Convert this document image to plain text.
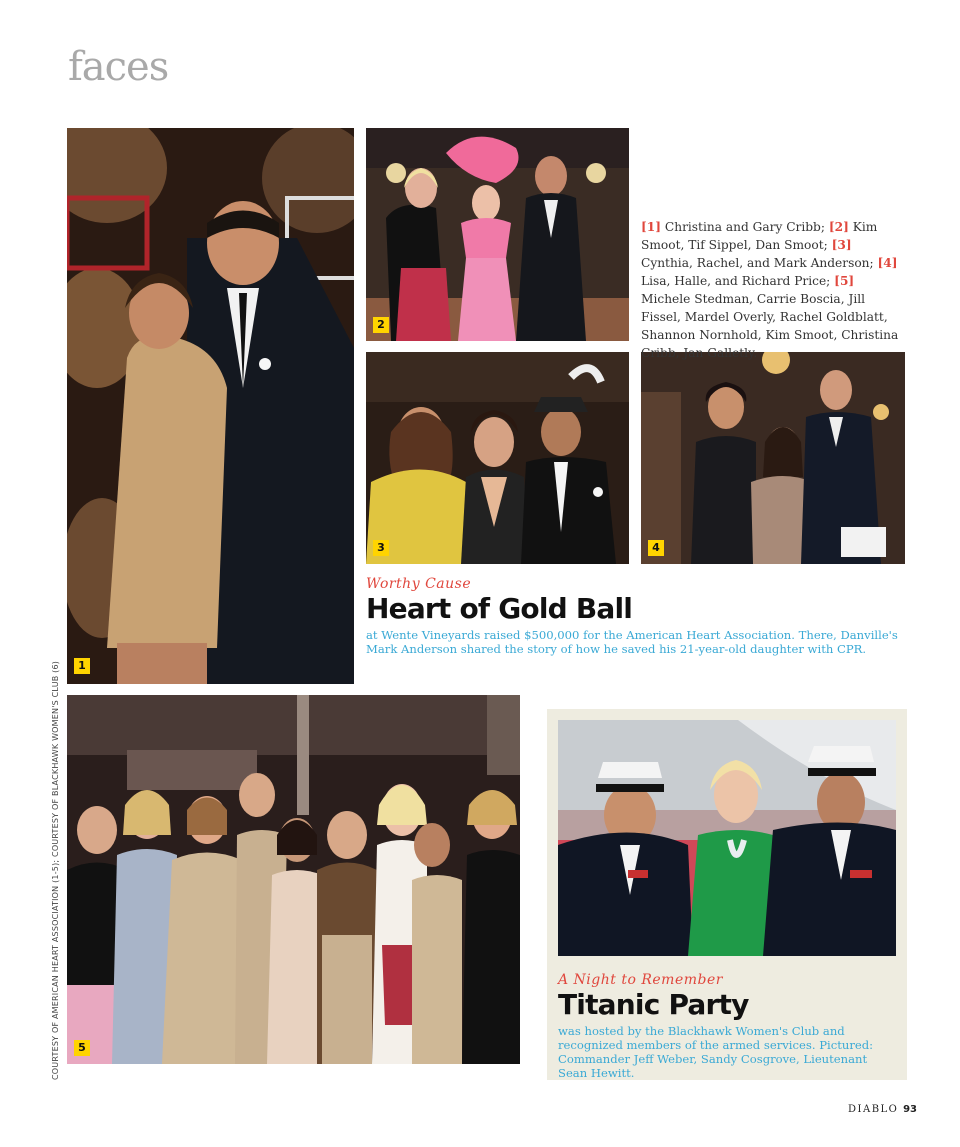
faces
1
2
3	4
[1] Christina and Gary Cribb; [2] Kim Smoot, Tif Sippel, Dan Smoot; [3] Cynthia, Rachel, and Mark Anderson; [4] Lisa, Halle, and Richard Price; [5] Michele Stedman, Carrie Boscia, Jill Fissel, Mardel Overly, Rachel Goldblatt, Shannon Nornhold, Kim Smoot, Christina Cribb, Jan Galletly.
Worthy Cause
Heart of Gold Ball
at Wente Vineyards raised $500,000 for the American Heart Association. There, Danville's Mark Anderson shared the story of how he saved his 21-year-old daughter with CPR.
5
A Night to Remember
Titanic Party
was hosted by the Blackhawk Women's Club and recognized members of the armed services. Pictured: Commander Jeff Weber, Sandy Cosgrove, Lieutenant Sean Hewitt.
COURTESY OF AMERICAN HEART ASSOCIATION (1-5); COURTESY OF BLACKHAWK WOMEN'S CLUB (6)
DIABLO 93
